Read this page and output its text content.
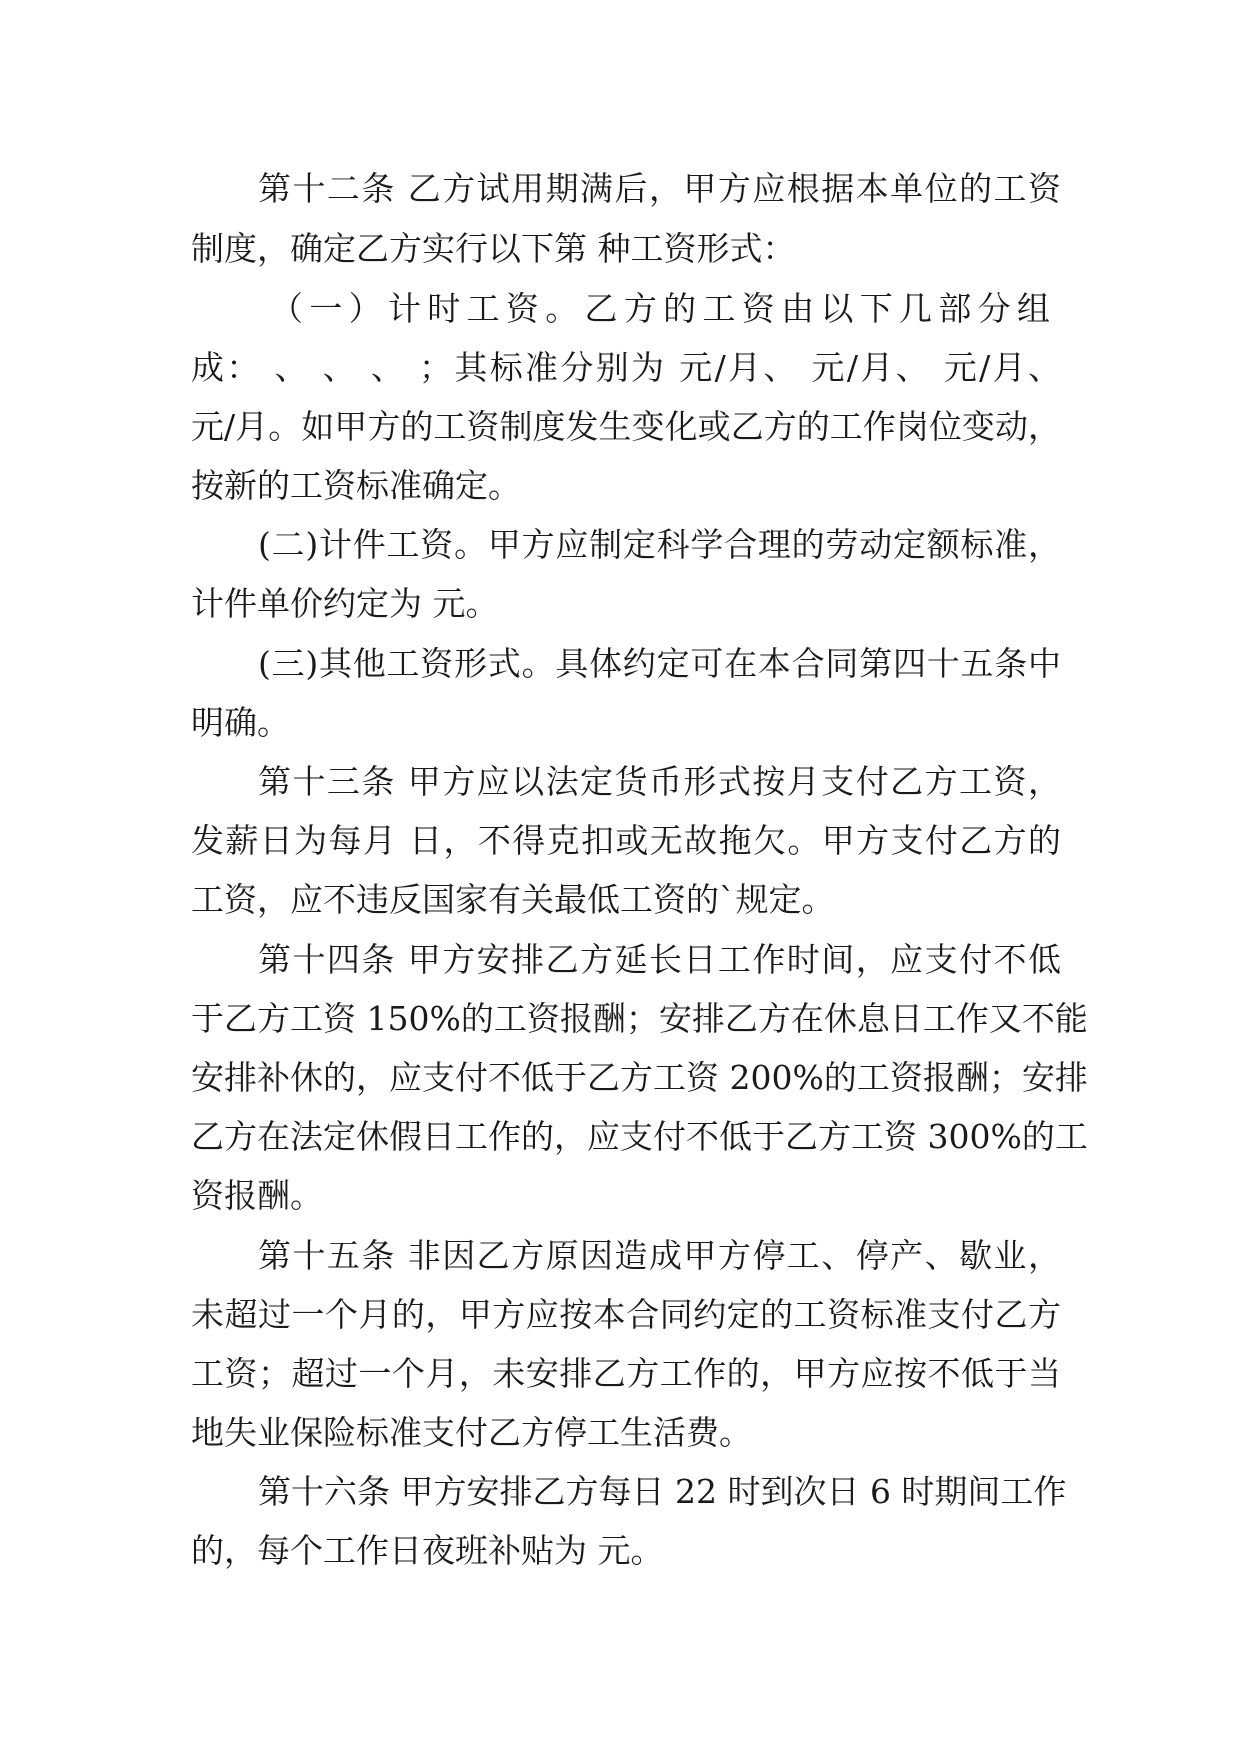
第十二条 乙方试用期满后，甲方应根据本单位的工资
制度，确定乙方实行以下第 种工资形式：
（一）计时工资。乙方的工资由以下几部分组
成： 、 、 、 ；其标准分别为 元/月、 元/月、 元/月、
元/月。如甲方的工资制度发生变化或乙方的工作岗位变动，
按新的工资标准确定。
(二)计件工资。甲方应制定科学合理的劳动定额标准，
计件单价约定为 元。
(三)其他工资形式。具体约定可在本合同第四十五条中
明确。
第十三条 甲方应以法定货币形式按月支付乙方工资，
发薪日为每月 日，不得克扣或无故拖欠。甲方支付乙方的
工资，应不违反国家有关最低工资的`规定。
第十四条 甲方安排乙方延长日工作时间，应支付不低
于乙方工资 150%的工资报酬；安排乙方在休息日工作又不能
安排补休的，应支付不低于乙方工资 200%的工资报酬；安排
乙方在法定休假日工作的，应支付不低于乙方工资 300%的工
资报酬。
第十五条 非因乙方原因造成甲方停工、停产、歇业，
未超过一个月的，甲方应按本合同约定的工资标准支付乙方
工资；超过一个月，未安排乙方工作的，甲方应按不低于当
地失业保险标准支付乙方停工生活费。
第十六条 甲方安排乙方每日 22 时到次日 6 时期间工作
的，每个工作日夜班补贴为 元。
